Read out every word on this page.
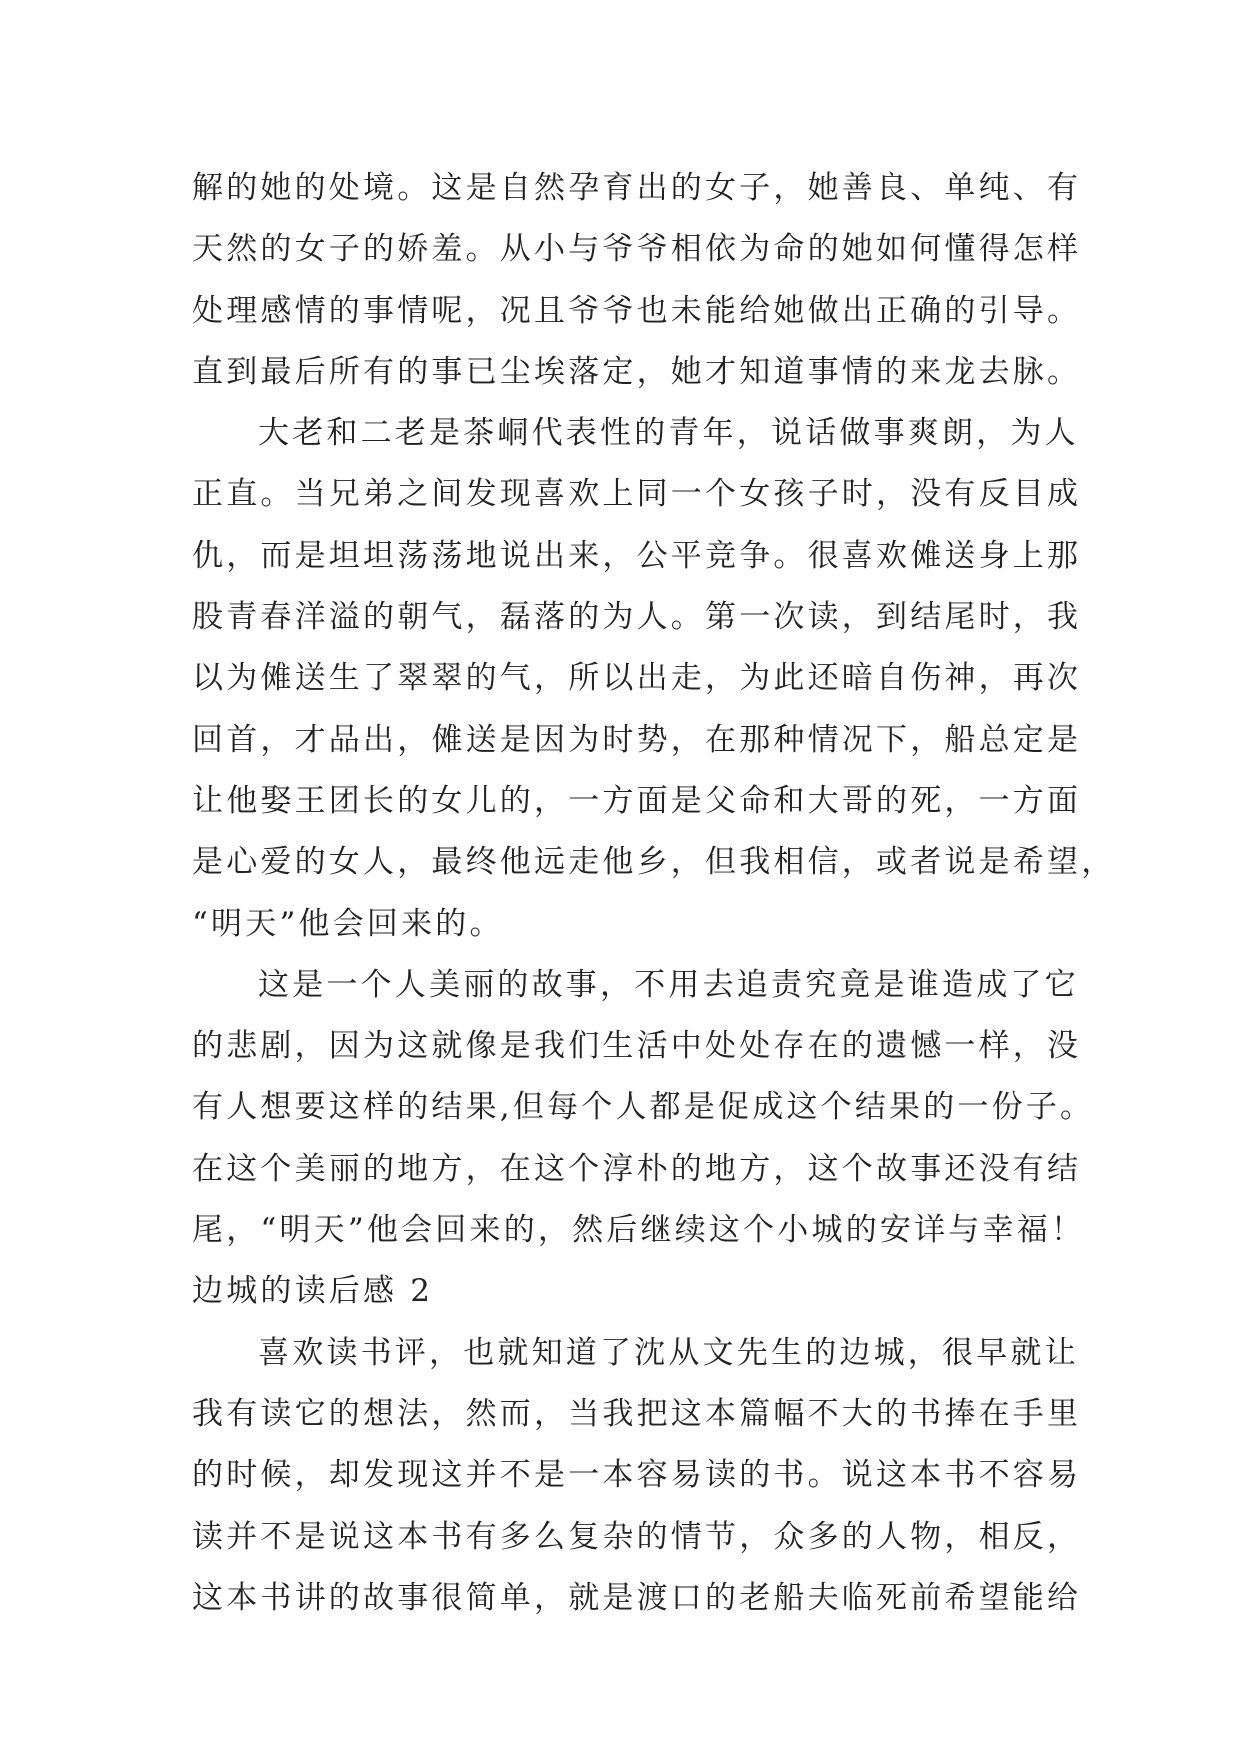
解的她的处境。这是自然孕育出的女子，她善良、单纯、有
天然的女子的娇羞。从小与爷爷相依为命的她如何懂得怎样
处理感情的事情呢，况且爷爷也未能给她做出正确的引导。
直到最后所有的事已尘埃落定，她才知道事情的来龙去脉。
大老和二老是茶峒代表性的青年，说话做事爽朗，为人
正直。当兄弟之间发现喜欢上同一个女孩子时，没有反目成
仇，而是坦坦荡荡地说出来，公平竞争。很喜欢傩送身上那
股青春洋溢的朝气，磊落的为人。第一次读，到结尾时，我
以为傩送生了翠翠的气，所以出走，为此还暗自伤神，再次
回首，才品出，傩送是因为时势，在那种情况下，船总定是
让他娶王团长的女儿的，一方面是父命和大哥的死，一方面
是心爱的女人，最终他远走他乡，但我相信，或者说是希望，
“明天”他会回来的。
这是一个人美丽的故事，不用去追责究竟是谁造成了它
的悲剧，因为这就像是我们生活中处处存在的遗憾一样，没
有人想要这样的结果,但每个人都是促成这个结果的一份子。
在这个美丽的地方，在这个淳朴的地方，这个故事还没有结
尾，“明天”他会回来的，然后继续这个小城的安详与幸福！
边城的读后感 2
喜欢读书评，也就知道了沈从文先生的边城，很早就让
我有读它的想法，然而，当我把这本篇幅不大的书捧在手里
的时候，却发现这并不是一本容易读的书。说这本书不容易
读并不是说这本书有多么复杂的情节，众多的人物，相反，
这本书讲的故事很简单，就是渡口的老船夫临死前希望能给
